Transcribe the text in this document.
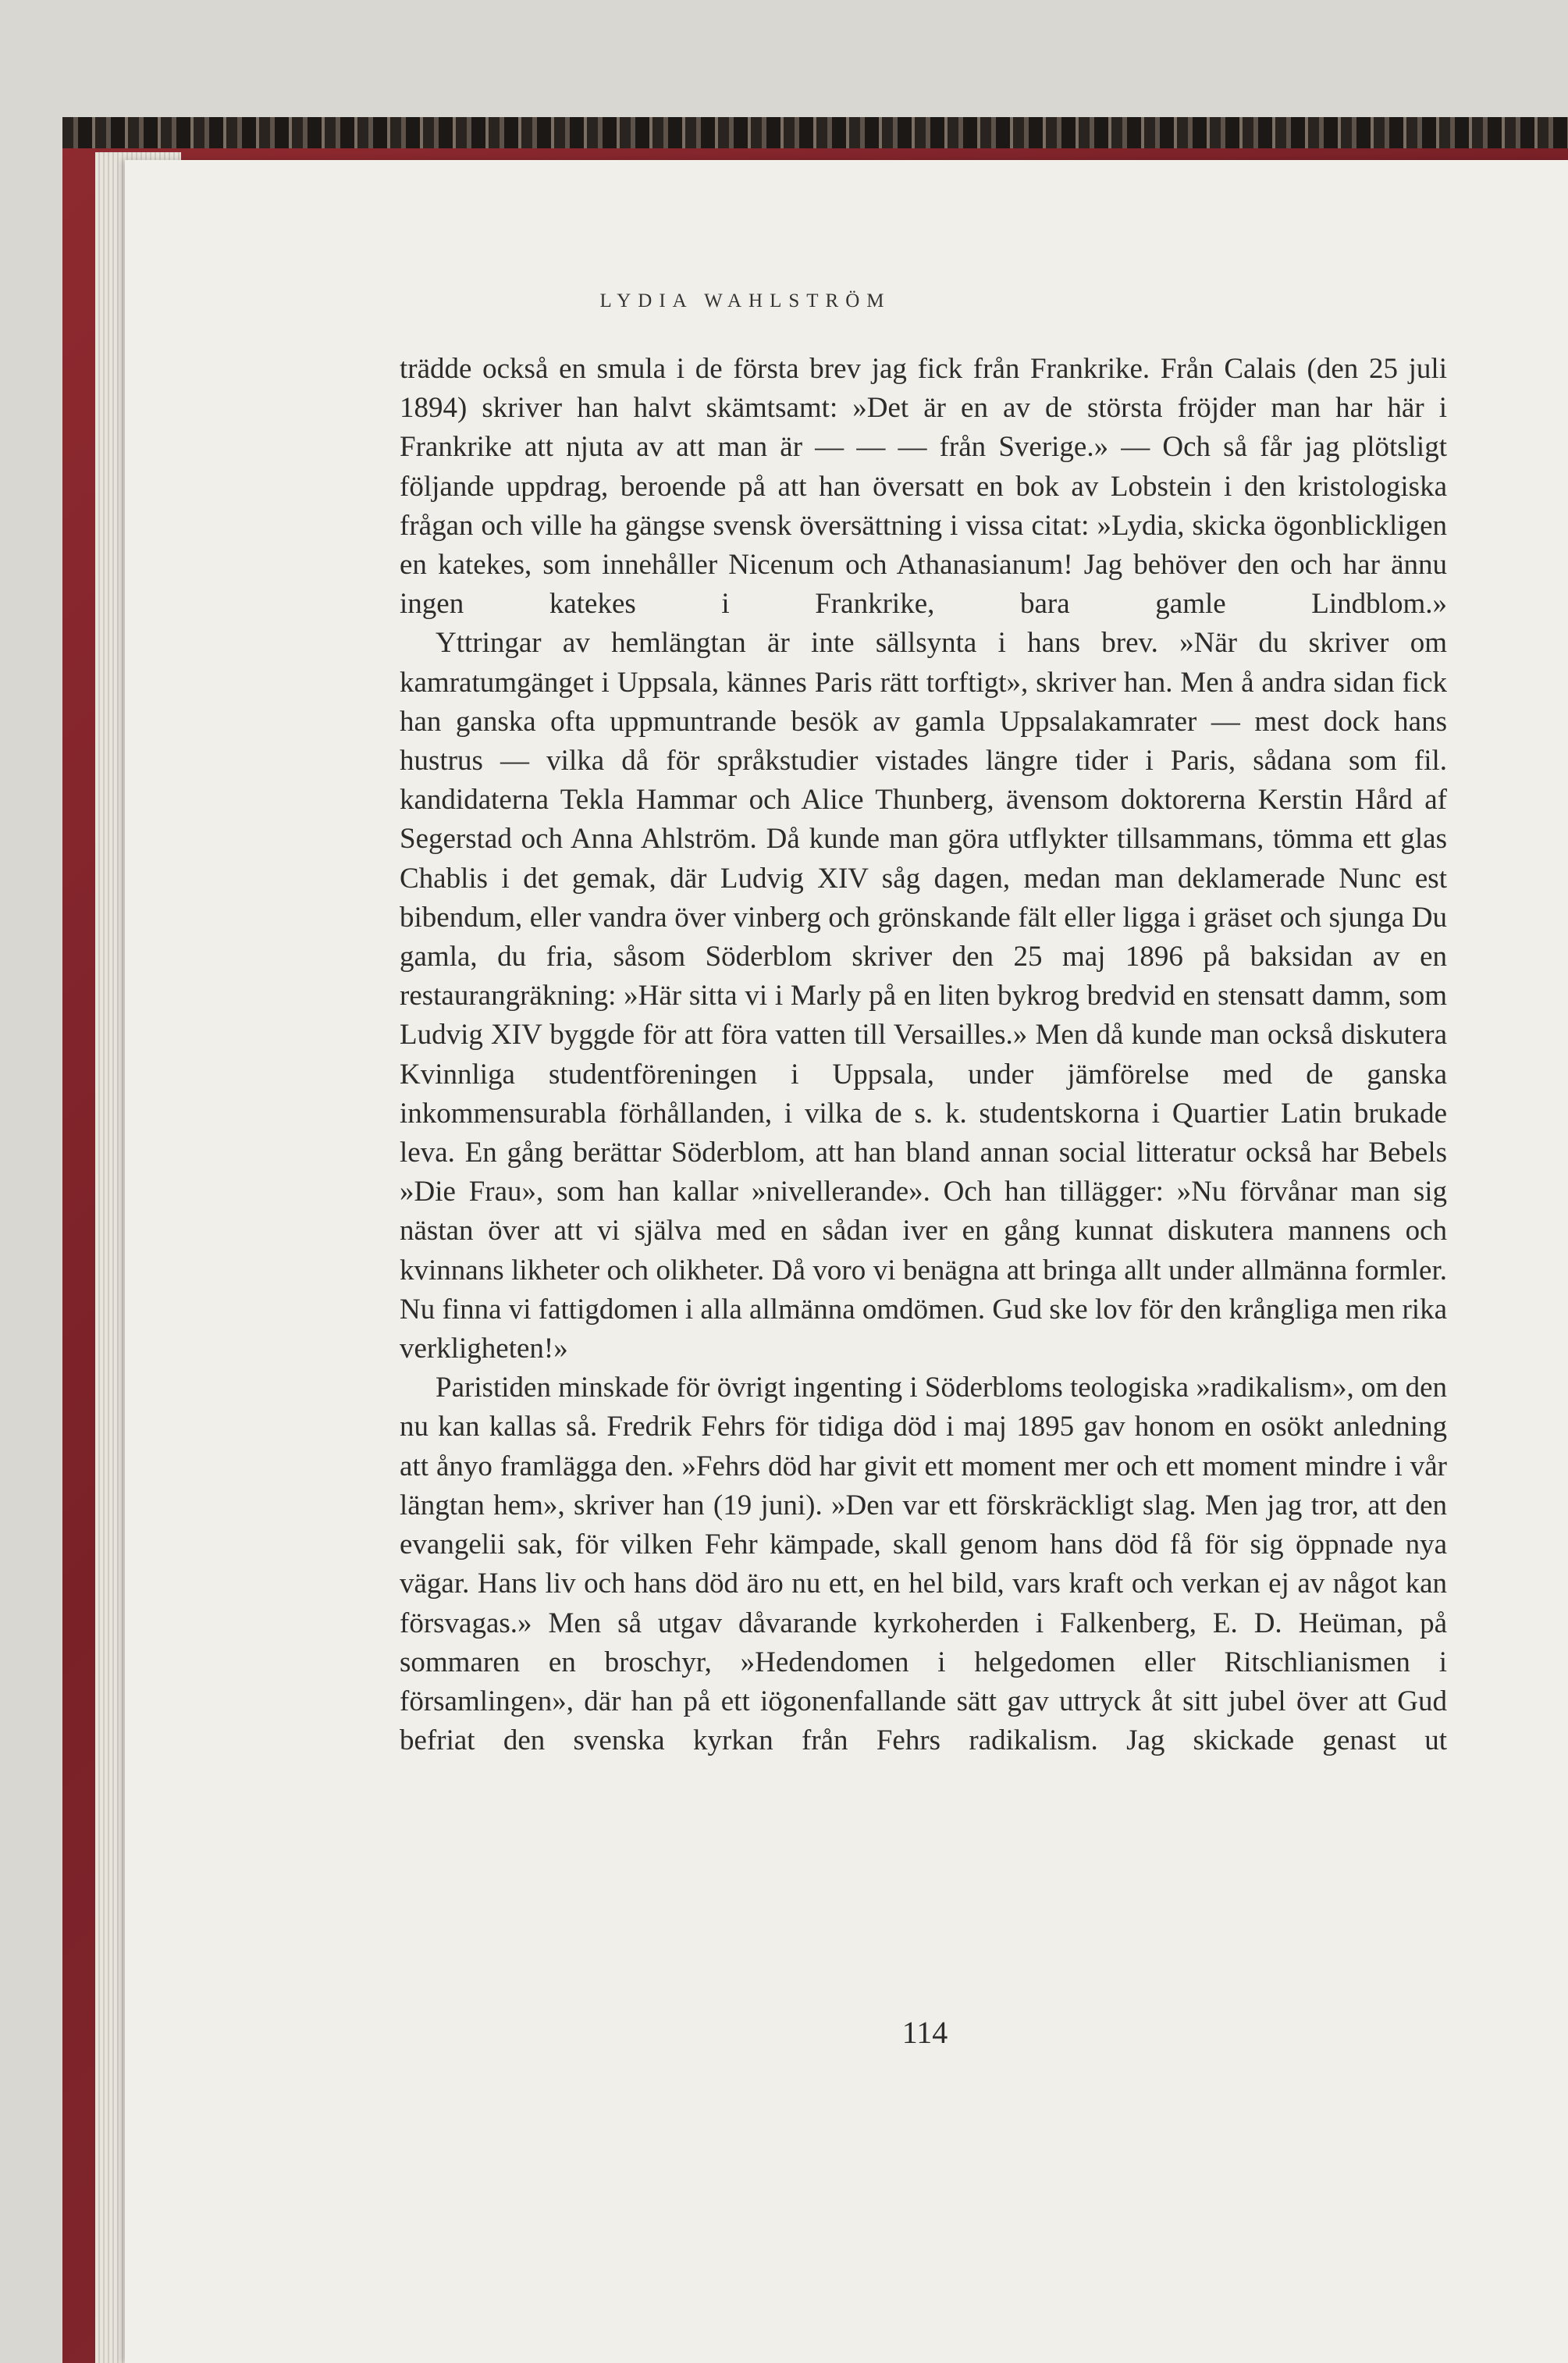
LYDIA WAHLSTRÖM

trädde också en smula i de första brev jag fick från Frankrike. Från Calais (den 25 juli 1894) skriver han halvt skämtsamt: »Det är en av de största fröjder man har här i Frankrike att njuta av att man är — — — från Sverige.» — Och så får jag plötsligt följande uppdrag, beroende på att han översatt en bok av Lobstein i den kristologiska frågan och ville ha gängse svensk översättning i vissa citat: »Lydia, skicka ögonblickligen en katekes, som innehåller Nicenum och Athanasianum! Jag behöver den och har ännu ingen katekes i Frankrike, bara gamle Lindblom.»

Yttringar av hemlängtan är inte sällsynta i hans brev. »När du skriver om kamratumgänget i Uppsala, kännes Paris rätt torftigt», skriver han. Men å andra sidan fick han ganska ofta uppmuntrande besök av gamla Uppsalakamrater — mest dock hans hustrus — vilka då för språkstudier vistades längre tider i Paris, sådana som fil. kandidaterna Tekla Hammar och Alice Thunberg, ävensom doktorerna Kerstin Hård af Segerstad och Anna Ahlström. Då kunde man göra utflykter tillsammans, tömma ett glas Chablis i det gemak, där Ludvig XIV såg dagen, medan man deklamerade Nunc est bibendum, eller vandra över vinberg och grönskande fält eller ligga i gräset och sjunga Du gamla, du fria, såsom Söderblom skriver den 25 maj 1896 på baksidan av en restaurangräkning: »Här sitta vi i Marly på en liten bykrog bredvid en stensatt damm, som Ludvig XIV byggde för att föra vatten till Versailles.» Men då kunde man också diskutera Kvinnliga studentföreningen i Uppsala, under jämförelse med de ganska inkommensurabla förhållanden, i vilka de s. k. studentskorna i Quartier Latin brukade leva. En gång berättar Söderblom, att han bland annan social litteratur också har Bebels »Die Frau», som han kallar »nivellerande». Och han tillägger: »Nu förvånar man sig nästan över att vi själva med en sådan iver en gång kunnat diskutera mannens och kvinnans likheter och olikheter. Då voro vi benägna att bringa allt under allmänna formler. Nu finna vi fattigdomen i alla allmänna omdömen. Gud ske lov för den krångliga men rika verkligheten!»

Paristiden minskade för övrigt ingenting i Söderbloms teologiska »radikalism», om den nu kan kallas så. Fredrik Fehrs för tidiga död i maj 1895 gav honom en osökt anledning att ånyo framlägga den. »Fehrs död har givit ett moment mer och ett moment mindre i vår längtan hem», skriver han (19 juni). »Den var ett förskräckligt slag. Men jag tror, att den evangelii sak, för vilken Fehr kämpade, skall genom hans död få för sig öppnade nya vägar. Hans liv och hans död äro nu ett, en hel bild, vars kraft och verkan ej av något kan försvagas.» Men så utgav dåvarande kyrkoherden i Falkenberg, E. D. Heüman, på sommaren en broschyr, »Hedendomen i helgedomen eller Ritschlianismen i församlingen», där han på ett iögonenfallande sätt gav uttryck åt sitt jubel över att Gud befriat den svenska kyrkan från Fehrs radikalism. Jag skickade genast ut

114
